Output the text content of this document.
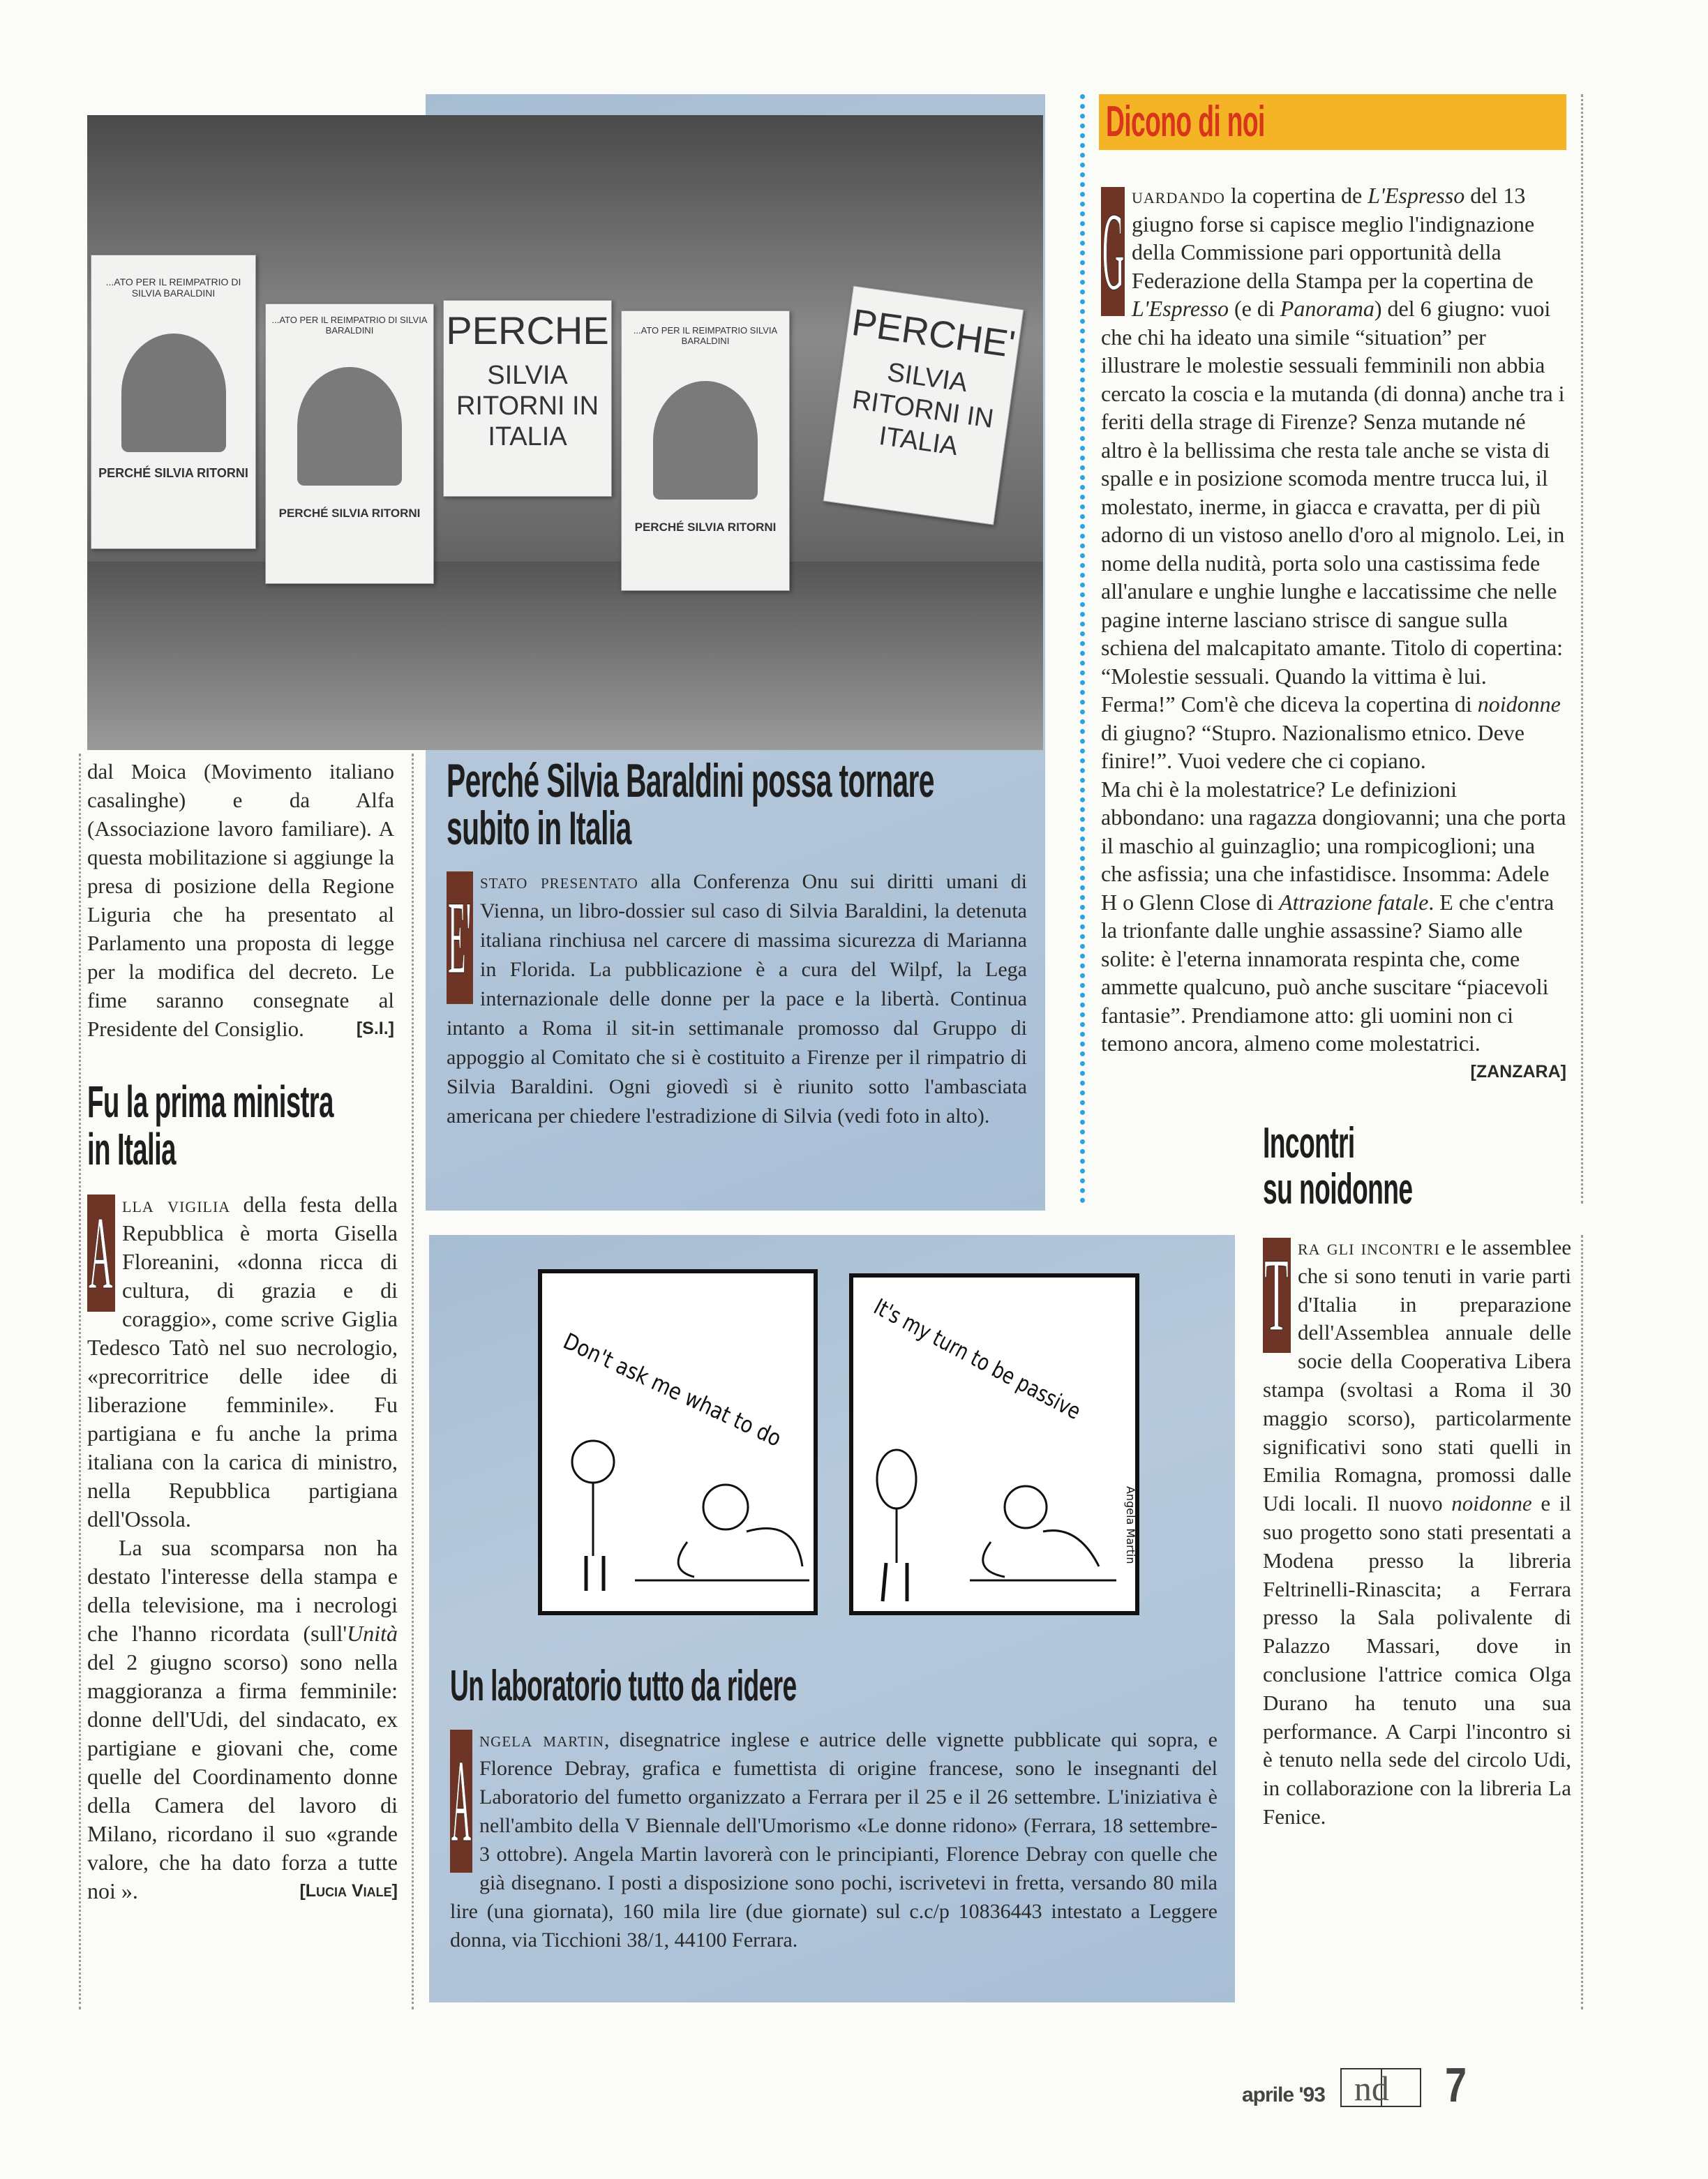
...ATO PER IL REIMPATRIO DI SILVIA BARALDINI
PERCHÉ SILVIA RITORNI
...ATO PER IL REIMPATRIO DI SILVIA BARALDINI
PERCHÉ SILVIA RITORNI
PERCHE
SILVIA RITORNI IN ITALIA
...ATO PER IL REIMPATRIO SILVIA BARALDINI
PERCHÉ SILVIA RITORNI
PERCHE'
SILVIA RITORNI IN ITALIA
dal Moica (Movimento italiano casalinghe) e da Alfa (Associazione lavoro familiare). A questa mobilitazione si aggiunge la presa di posizione della Regione Liguria che ha presentato al Parlamento una proposta di legge per la modifica del decreto. Le fime saranno consegnate al Presidente del Consiglio.	[S.I.]
Fu la prima ministra
in Italia
A lla vigilia della festa della Repubblica è morta Gisella Floreanini, «donna ricca di cultura, di grazia e di coraggio», come scrive Giglia Tedesco Tatò nel suo necrologio, «precorritrice delle idee di liberazione femminile». Fu partigiana e fu anche la prima italiana con la carica di ministro, nella Repubblica partigiana dell'Ossola.
La sua scomparsa non ha destato l'interesse della stampa e della televisione, ma i necrologi che l'hanno ricordata (sull'Unità del 2 giugno scorso) sono nella maggioranza a firma femminile: donne dell'Udi, del sindacato, ex partigiane e giovani che, come quelle del Coordinamento donne della Camera del lavoro di Milano, ricordano il suo «grande valore, che ha dato forza a tutte noi ».	[Lucia Viale]
Perché Silvia Baraldini possa tornare subito in Italia
E' stato presentato alla Conferenza Onu sui diritti umani di Vienna, un libro-dossier sul caso di Silvia Baraldini, la detenuta italiana rinchiusa nel carcere di massima sicurezza di Marianna in Florida. La pubblicazione è a cura del Wilpf, la Lega internazionale delle donne per la pace e la libertà. Continua intanto a Roma il sit-in settimanale promosso dal Gruppo di appoggio al Comitato che si è costituito a Firenze per il rimpatrio di Silvia Baraldini. Ogni giovedì si è riunito sotto l'ambasciata americana per chiedere l'estradizione di Silvia (vedi foto in alto).
Dicono di noi
G uardando la copertina de L'Espresso del 13 giugno forse si capisce meglio l'indignazione della Commissione pari opportunità della Federazione della Stampa per la copertina de L'Espresso (e di Panorama) del 6 giugno: vuoi che chi ha ideato una simile “situation” per illustrare le molestie sessuali femminili non abbia cercato la coscia e la mutanda (di donna) anche tra i feriti della strage di Firenze? Senza mutande né altro è la bellissima che resta tale anche se vista di spalle e in posizione scomoda mentre trucca lui, il molestato, inerme, in giacca e cravatta, per di più adorno di un vistoso anello d'oro al mignolo. Lei, in nome della nudità, porta solo una castissima fede all'anulare e unghie lunghe e laccatissime che nelle pagine interne lasciano strisce di sangue sulla schiena del malcapitato amante. Titolo di copertina: “Molestie sessuali. Quando la vittima è lui. Ferma!” Com'è che diceva la copertina di noidonne di giugno? “Stupro. Nazionalismo etnico. Deve finire!”. Vuoi vedere che ci copiano.
Ma chi è la molestatrice? Le definizioni abbondano: una ragazza dongiovanni; una che porta il maschio al guinzaglio; una rompicoglioni; una che asfissia; una che infastidisce. Insomma: Adele H o Glenn Close di Attrazione fatale. E che c'entra la trionfante dalle unghie assassine? Siamo alle solite: è l'eterna innamorata respinta che, come ammette qualcuno, può anche suscitare “piacevoli fantasie”. Prendiamone atto: gli uomini non ci temono ancora, almeno come molestatrici.
[ZANZARA]
Incontri
su noidonne
T ra gli incontri e le assemblee che si sono tenuti in varie parti d'Italia in preparazione dell'Assemblea annuale delle socie della Cooperativa Libera stampa (svoltasi a Roma il 30 maggio scorso), particolarmente significativi sono stati quelli in Emilia Romagna, promossi dalle Udi locali. Il nuovo noidonne e il suo progetto sono stati presentati a Modena presso la libreria Feltrinelli-Rinascita; a Ferrara presso la Sala polivalente di Palazzo Massari, dove in conclusione l'attrice comica Olga Durano ha tenuto una sua performance. A Carpi l'incontro si è tenuto nella sede del circolo Udi, in collaborazione con la libreria La Fenice.
Don't ask me what to do It's my turn to be passive
Angela Martin
Un laboratorio tutto da ridere
A ngela martin, disegnatrice inglese e autrice delle vignette pubblicate qui sopra, e Florence Debray, grafica e fumettista di origine francese, sono le insegnanti del Laboratorio del fumetto organizzato a Ferrara per il 25 e il 26 settembre. L'iniziativa è nell'ambito della V Biennale dell'Umorismo «Le donne ridono» (Ferrara, 18 settembre-3 ottobre). Angela Martin lavorerà con le principianti, Florence Debray con quelle che già disegnano. I posti a disposizione sono pochi, iscrivetevi in fretta, versando 80 mila lire (una giornata), 160 mila lire (due giornate) sul c.c/p 10836443 intestato a Leggere donna, via Ticchioni 38/1, 44100 Ferrara.
aprile '93 nd 7
